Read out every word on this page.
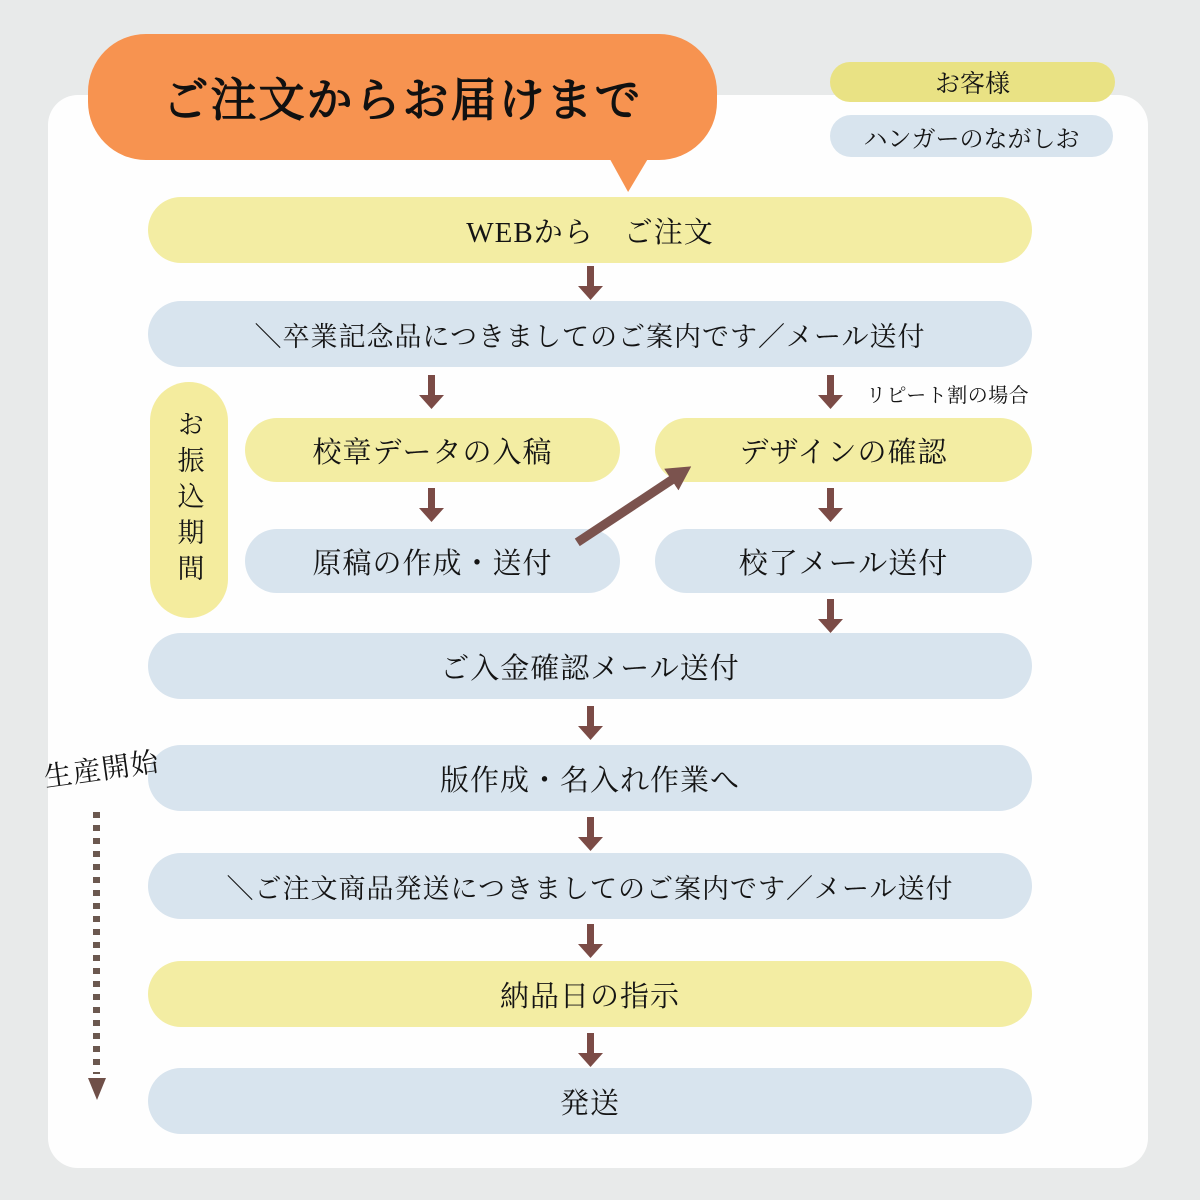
ご注文からお届けまで	お客様
ハンガーのながしお
WEBから　ご注文
＼卒業記念品につきましてのご案内です／メール送付
お振込期間	校章データの入稿	デザインの確認
リピート割の場合
原稿の作成・送付	校了メール送付
ご入金確認メール送付
版作成・名入れ作業へ
＼ご注文商品発送につきましてのご案内です／メール送付
納品日の指示
発送
生産開始
